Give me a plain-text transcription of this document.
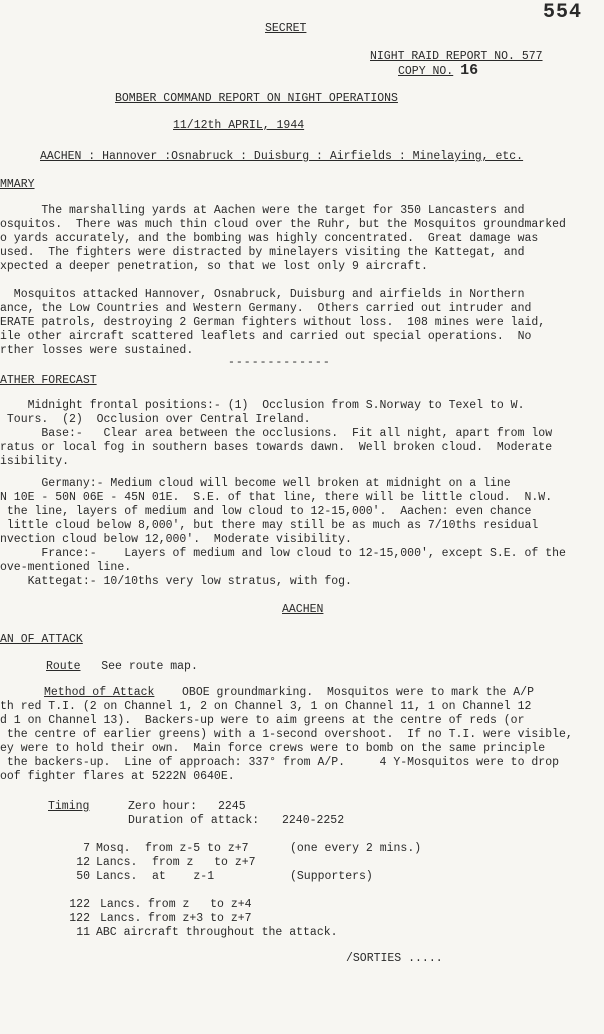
554
SECRET
NIGHT RAID REPORT NO. 577
COPY NO. 16
BOMBER COMMAND REPORT ON NIGHT OPERATIONS
11/12th APRIL, 1944
AACHEN : Hannover :Osnabruck : Duisburg : Airfields : Minelaying, etc.
MMARY
The marshalling yards at Aachen were the target for 350 Lancasters and
osquitos.  There was much thin cloud over the Ruhr, but the Mosquitos groundmarked
o yards accurately, and the bombing was highly concentrated.  Great damage was
used.  The fighters were distracted by minelayers visiting the Kattegat, and
xpected a deeper penetration, so that we lost only 9 aircraft.
Mosquitos attacked Hannover, Osnabruck, Duisburg and airfields in Northern
ance, the Low Countries and Western Germany.  Others carried out intruder and
ERATE patrols, destroying 2 German fighters without loss.  108 mines were laid,
ile other aircraft scattered leaflets and carried out special operations.  No
rther losses were sustained.
-------------
ATHER FORECAST
Midnight frontal positions:- (1)  Occlusion from S.Norway to Texel to W.
Tours.  (2)  Occlusion over Central Ireland.
Base:-   Clear area between the occlusions.  Fit all night, apart from low
ratus or local fog in southern bases towards dawn.  Well broken cloud.  Moderate
isibility.
Germany:- Medium cloud will become well broken at midnight on a line
N 10E - 50N 06E - 45N 01E.  S.E. of that line, there will be little cloud.  N.W.
the line, layers of medium and low cloud to 12-15,000'.  Aachen: even chance
little cloud below 8,000', but there may still be as much as 7/10ths residual
nvection cloud below 12,000'.  Moderate visibility.
France:-    Layers of medium and low cloud to 12-15,000', except S.E. of the
ove-mentioned line.
Kattegat:- 10/10ths very low stratus, with fog.
AACHEN
AN OF ATTACK
Route See route map.
Method of Attack OBOE groundmarking.  Mosquitos were to mark the A/P
th red T.I. (2 on Channel 1, 2 on Channel 3, 1 on Channel 11, 1 on Channel 12
d 1 on Channel 13).  Backers-up were to aim greens at the centre of reds (or
the centre of earlier greens) with a 1-second overshoot.  If no T.I. were visible,
ey were to hold their own.  Main force crews were to bomb on the same principle
the backers-up.  Line of approach: 337° from A/P.     4 Y-Mosquitos were to drop
oof fighter flares at 5222N 0640E.
Timing	Zero hour: 2245
Duration of attack: 2240-2252
7 Mosq. from z-5 to z+7	(one every 2 mins.)
12 Lancs. from z   to z+7
50 Lancs. at    z-1	(Supporters)
122 Lancs. from z   to z+4
122 Lancs. from z+3 to z+7
11 ABC aircraft throughout the attack.
/SORTIES .....
